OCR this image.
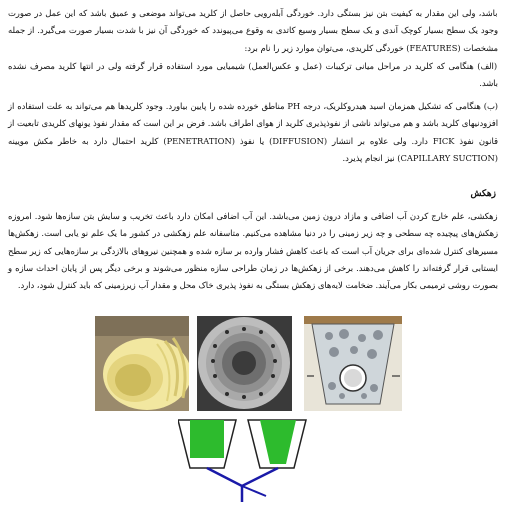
باشد، ولی این مقدار به کیفیت بتن نیز بستگی دارد. خوردگی آبله‌رویی حاصل از کلرید می‌تواند موضعی و عمیق باشد که این عمل در صورت وجود یک سطح بسیار کوچک آندی و یک سطح بسیار وسیع کاتدی به وقوع می‌پیوندد که خوردگی آن نیز با شدت بسیار صورت می‌گیرد. از جمله مشخصات (FEATURES) خوردگی کلریدی، می‌توان موارد زیر را نام برد:
(الف) هنگامی که کلرید در مراحل میانی ترکیبات (عمل و عکس‌العمل) شیمیایی مورد استفاده قرار گرفته ولی در انتها کلرید مصرف نشده باشد.
(ب) هنگامی که تشکیل همزمان اسید هیدروکلریک، درجه PH مناطق خورده شده را پایین بیاورد. وجود کلریدها هم می‌تواند به علت استفاده از افزودنیهای کلرید باشد و هم می‌تواند ناشی از نفوذپذیری کلرید از هوای اطراف باشد. فرض بر این است که مقدار نفوذ یونهای کلریدی تابعیت از قانون نفوذ FICK دارد. ولی علاوه بر انتشار (DIFFUSION) یا نفوذ (PENETRATION) کلرید احتمال دارد به خاطر مکش مویینه (CAPILLARY SUCTION) نیز انجام پذیرد.
زهکش
زهکشی، علم خارج کردن آب اضافی و مازاد درون زمین می‌باشد. این آب اضافی امکان دارد باعث تخریب و سایش بتن سازه‌ها شود. امروزه زهکش‌های پیچیده چه سطحی و چه زیر زمینی را در دنیا مشاهده می‌کنیم. متاسفانه علم زهکشی در کشور ما یک علم نو یابی است. زهکش‌ها مسیرهای کنترل شده‌ای برای جریان آب است که باعث کاهش فشار وارده بر سازه شده و همچنین نیروهای بالازدگی بر سازه‌هایی که زیر سطح ایستابی قرار گرفته‌اند را کاهش می‌دهند. برخی از زهکش‌ها در زمان طراحی سازه منظور می‌شوند و برخی دیگر پس از پایان احداث سازه و بصورت روشی ترمیمی بکار می‌آیند. ضخامت لایه‌های زهکش بستگی به نفوذ پذیری خاک محل و مقدار آب زیرزمینی که باید کنترل شود، دارد.
